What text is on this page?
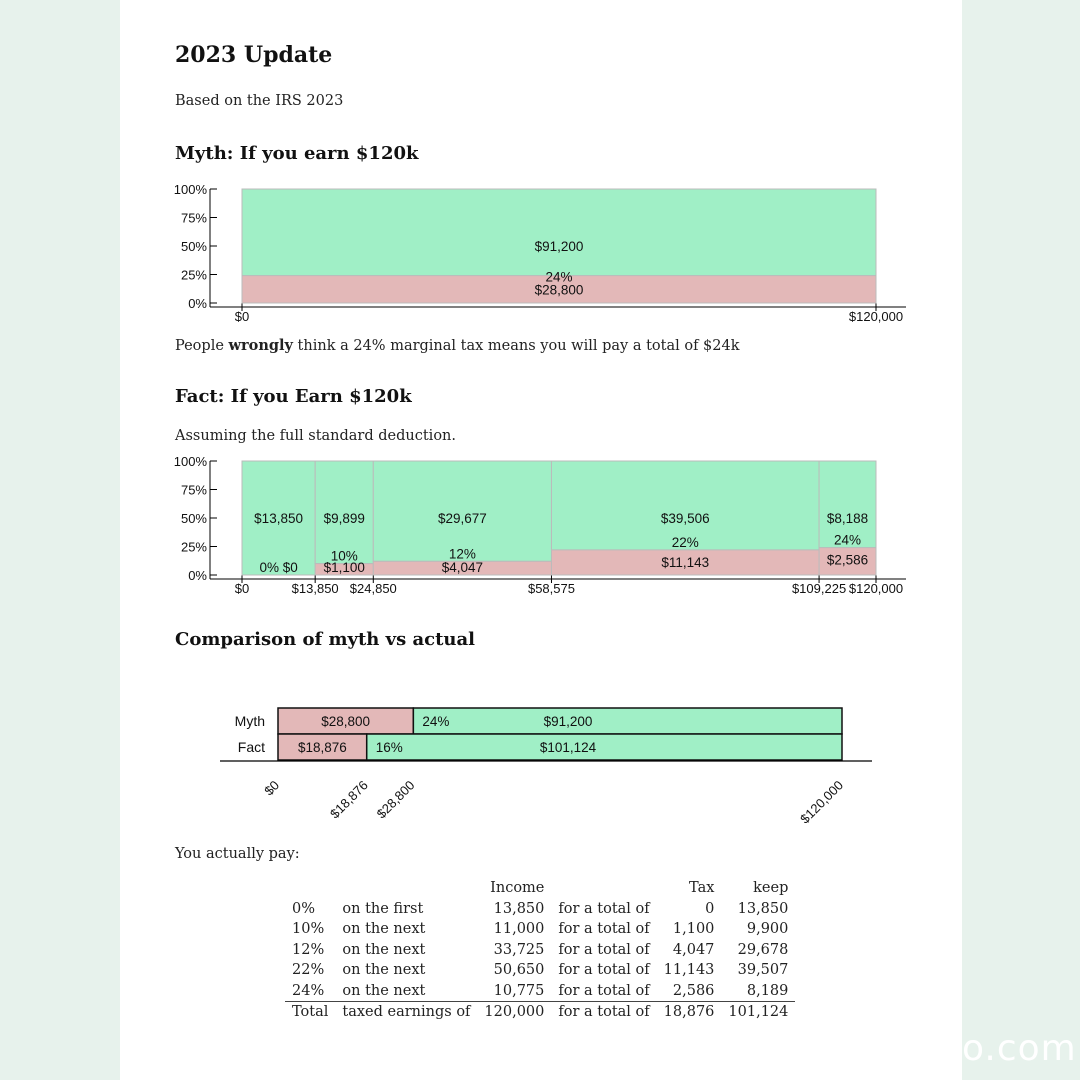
2023 Update

Based on the IRS 2023

Myth: If you earn $120k
100%
75%
50%
25%
0%
$0	$120,000
$91,200
24%
$28,800

People wrongly think a 24% marginal tax means you will pay a total of $24k

Fact: If you Earn $120k

Assuming the full standard deduction.

100%
75%
50%
25%
0%
$0	$13,850 $24,850	$58,575	$109,225 $120,000
$13,850
0% $0
$9,899
10%
$1,100
$29,677
12%
$4,047
$39,506
22%
$11,143
$8,188
24%
$2,586
Comparison of myth vs actual
Myth	$28,800	24%	$91,200
Fact $18,876 16%	$101,124
$0	$18,876 $28,800	$120,000

You actually pay:

		Income		Tax	keep
0%	on the first	13,850	for a total of	0	13,850
10%	on the next	11,000	for a total of	1,100	9,900
12%	on the next	33,725	for a total of	4,047	29,678
22%	on the next	50,650	for a total of	11,143	39,507
24%	on the next	10,775	for a total of	2,586	8,189
Total	taxed earnings of	120,000	for a total of	18,876	101,124
o.com
